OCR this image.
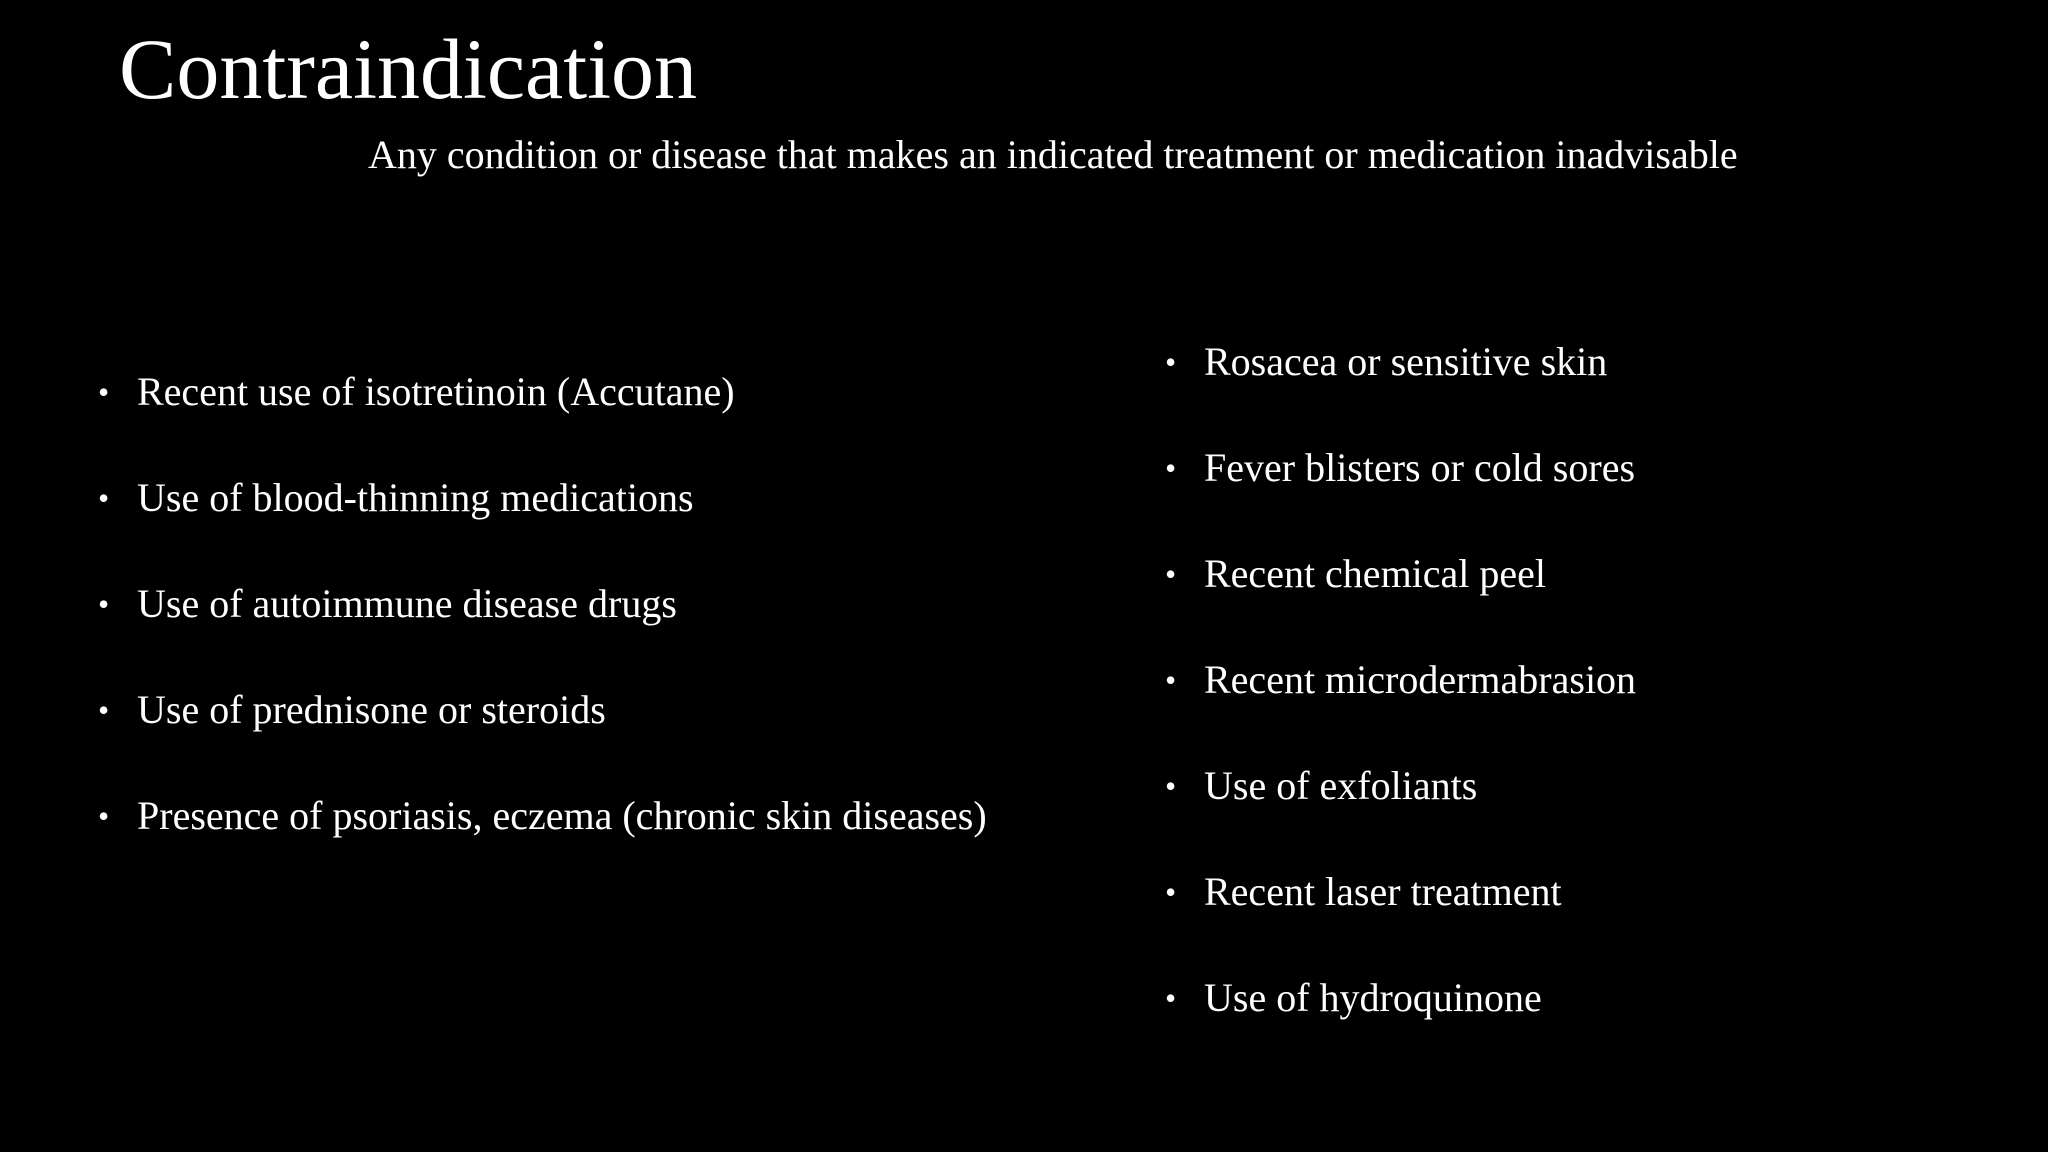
Contraindication

Any condition or disease that makes an indicated treatment or medication inadvisable

• Recent use of isotretinoin (Accutane)
• Use of blood-thinning medications
• Use of autoimmune disease drugs
• Use of prednisone or steroids
• Presence of psoriasis, eczema (chronic skin diseases)
• Rosacea or sensitive skin
• Fever blisters or cold sores
• Recent chemical peel
• Recent microdermabrasion
• Use of exfoliants
• Recent laser treatment
• Use of hydroquinone
